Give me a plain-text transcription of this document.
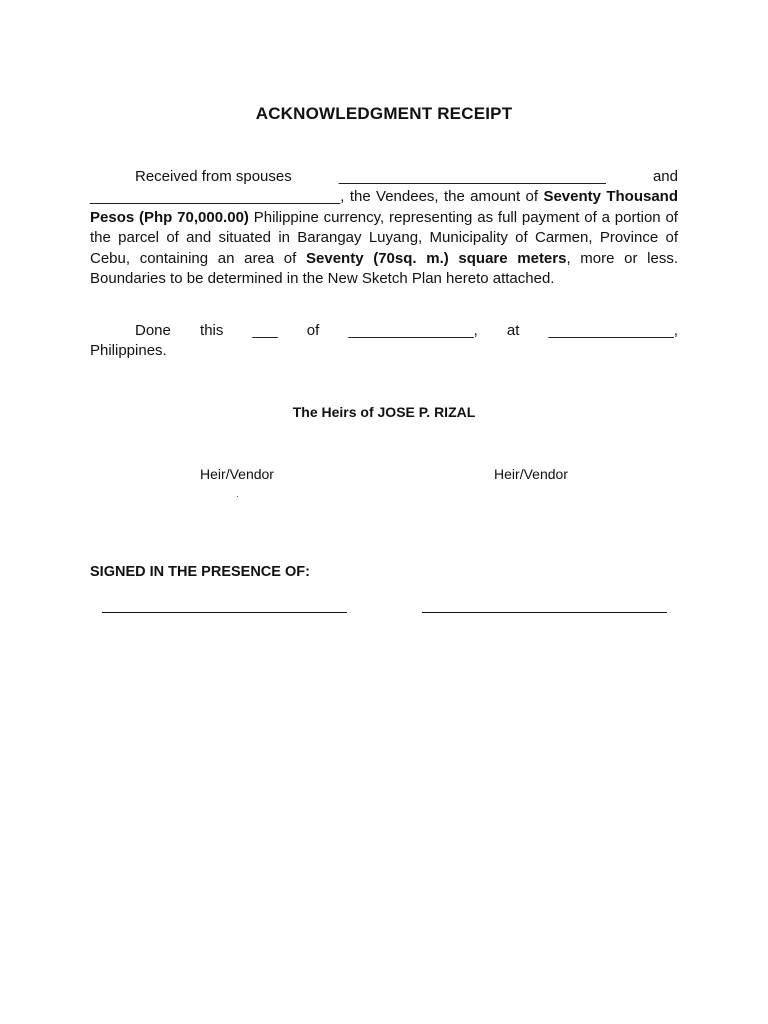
ACKNOWLEDGMENT RECEIPT
Received from spouses	________________________________	and
______________________________, the Vendees, the amount of Seventy Thousand Pesos (Php 70,000.00) Philippine currency, representing as full payment of a portion of the parcel of and situated in Barangay Luyang, Municipality of Carmen, Province of Cebu, containing an area of Seventy (70sq. m.) square meters, more or less. Boundaries to be determined in the New Sketch Plan hereto attached.
Done this ___ of _______________, at _______________,
Philippines.
The Heirs of JOSE P. RIZAL
Heir/Vendor	Heir/Vendor
.
SIGNED IN THE PRESENCE OF:
